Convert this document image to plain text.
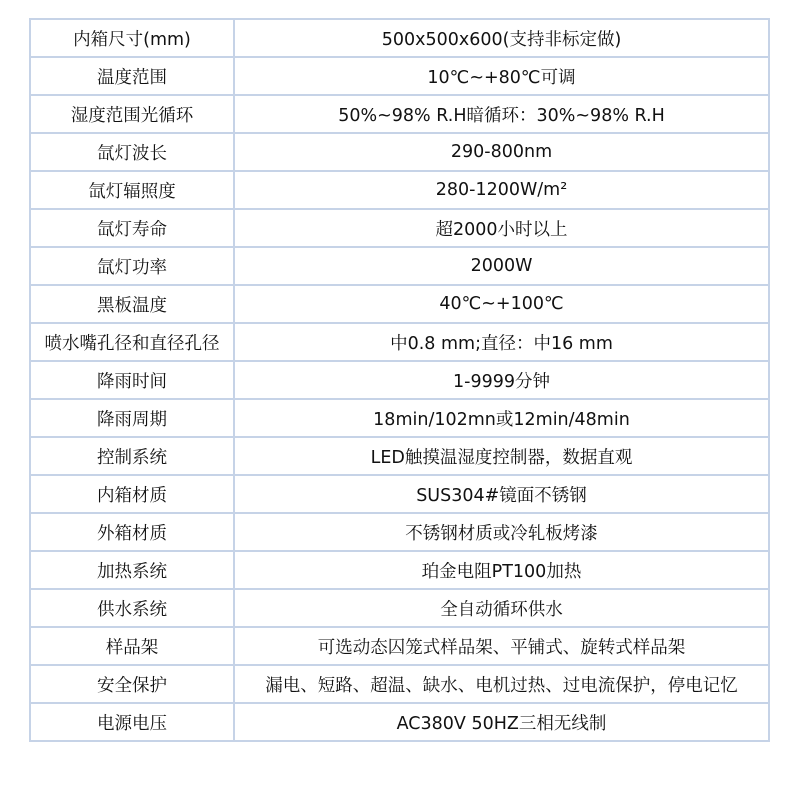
内箱尺寸(mm)	500x500x600(支持非标定做)
温度范围	10℃~+80℃可调
湿度范围光循环	50%~98% R.H暗循环：30%~98% R.H
氙灯波长	290-800nm
氙灯辐照度	280-1200W/m²
氙灯寿命	超2000小时以上
氙灯功率	2000W
黑板温度	40℃~+100℃
喷水嘴孔径和直径孔径	中0.8 mm;直径：中16 mm
降雨时间	1-9999分钟
降雨周期	18min/102mn或12min/48min
控制系统	LED触摸温湿度控制器，数据直观
内箱材质	SUS304#镜面不锈钢
外箱材质	不锈钢材质或冷轧板烤漆
加热系统	珀金电阻PT100加热
供水系统	全自动循环供水
样品架	可选动态囚笼式样品架、平铺式、旋转式样品架
安全保护	漏电、短路、超温、缺水、电机过热、过电流保护，停电记忆
电源电压	AC380V 50HZ三相无线制
